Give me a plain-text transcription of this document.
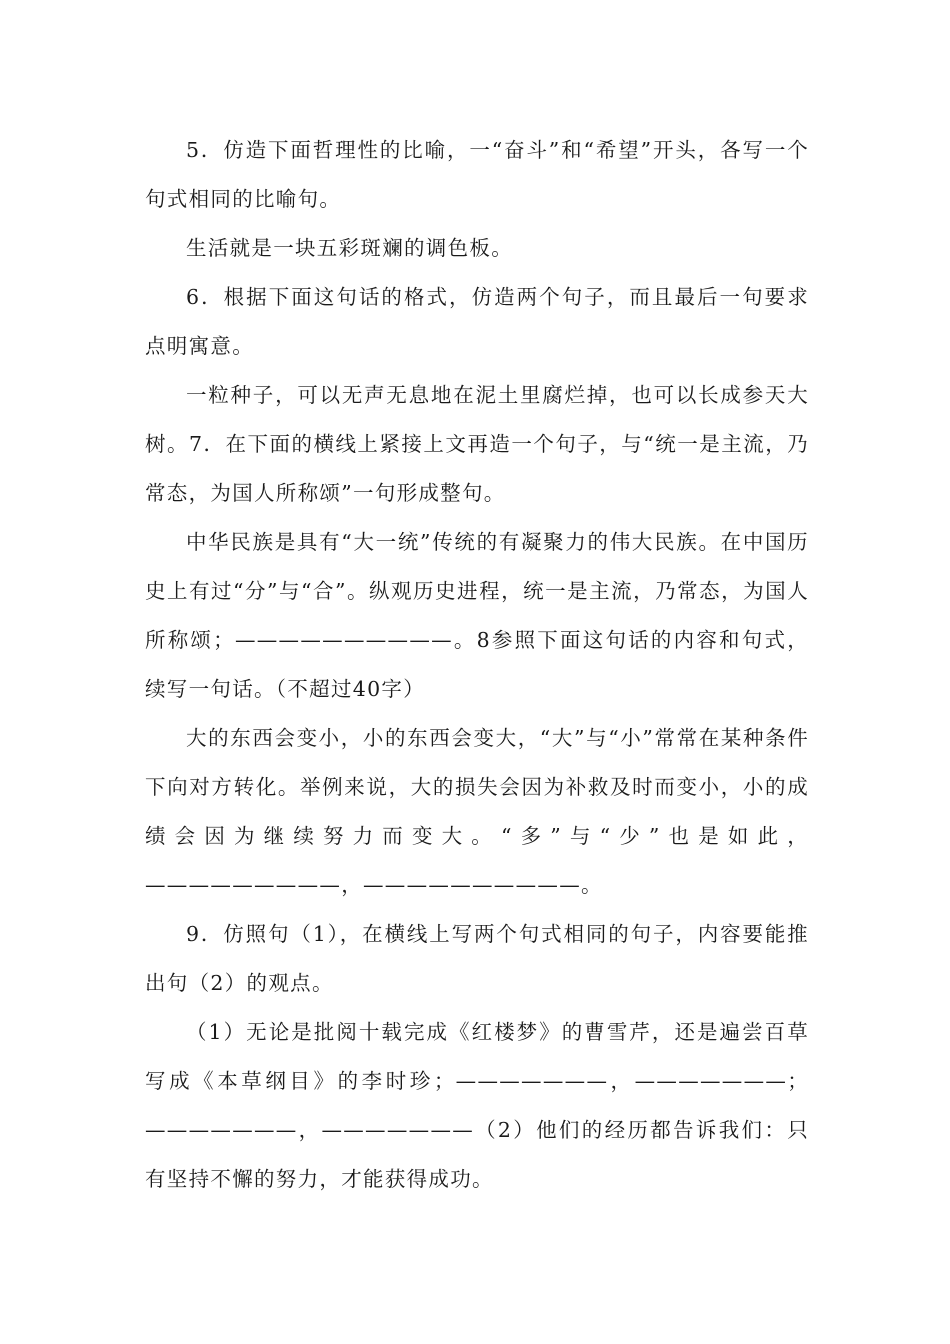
5．仿造下面哲理性的比喻，一“奋斗”和“希望”开头，各写一个句式相同的比喻句。

生活就是一块五彩斑斓的调色板。

6．根据下面这句话的格式，仿造两个句子，而且最后一句要求点明寓意。

一粒种子，可以无声无息地在泥土里腐烂掉，也可以长成参天大树。7．在下面的横线上紧接上文再造一个句子，与“统一是主流，乃常态，为国人所称颂”一句形成整句。

中华民族是具有“大一统”传统的有凝聚力的伟大民族。在中国历史上有过“分”与“合”。纵观历史进程，统一是主流，乃常态，为国人所称颂；——————————。8参照下面这句话的内容和句式，续写一句话。（不超过40字）

大的东西会变小，小的东西会变大，“大”与“小”常常在某种条件下向对方转化。举例来说，大的损失会因为补救及时而变小，小的成绩会因为继续努力而变大。“多”与“少”也是如此，—————————，——————————。

9．仿照句（1），在横线上写两个句式相同的句子，内容要能推出句（2）的观点。

（1）无论是批阅十载完成《红楼梦》的曹雪芹，还是遍尝百草写成《本草纲目》的李时珍；———————，———————；———————，———————（2）他们的经历都告诉我们：只有坚持不懈的努力，才能获得成功。
